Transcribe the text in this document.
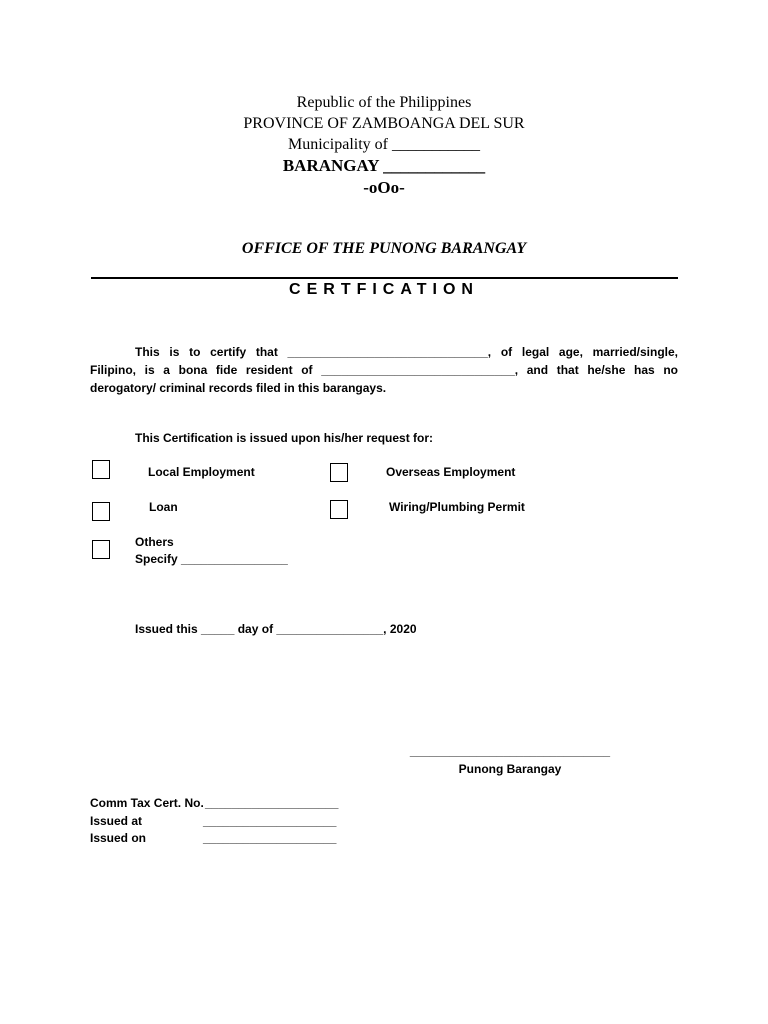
Republic of the Philippines
PROVINCE OF ZAMBOANGA DEL SUR
Municipality of ___________
BARANGAY ____________
-oOo-
OFFICE OF THE PUNONG BARANGAY
CERTFICATION
This is to certify that ______________________________, of legal age, married/single,
Filipino, is a bona fide resident of _____________________________, and that he/she has no
derogatory/ criminal records filed in this barangays.
This Certification is issued upon his/her request for:
Local Employment	Overseas Employment
Loan	Wiring/Plumbing Permit
Others
Specify ________________
Issued this _____ day of ________________, 2020
______________________________
Punong Barangay
Comm Tax Cert. No. ____________________
Issued at	____________________
Issued on	____________________
